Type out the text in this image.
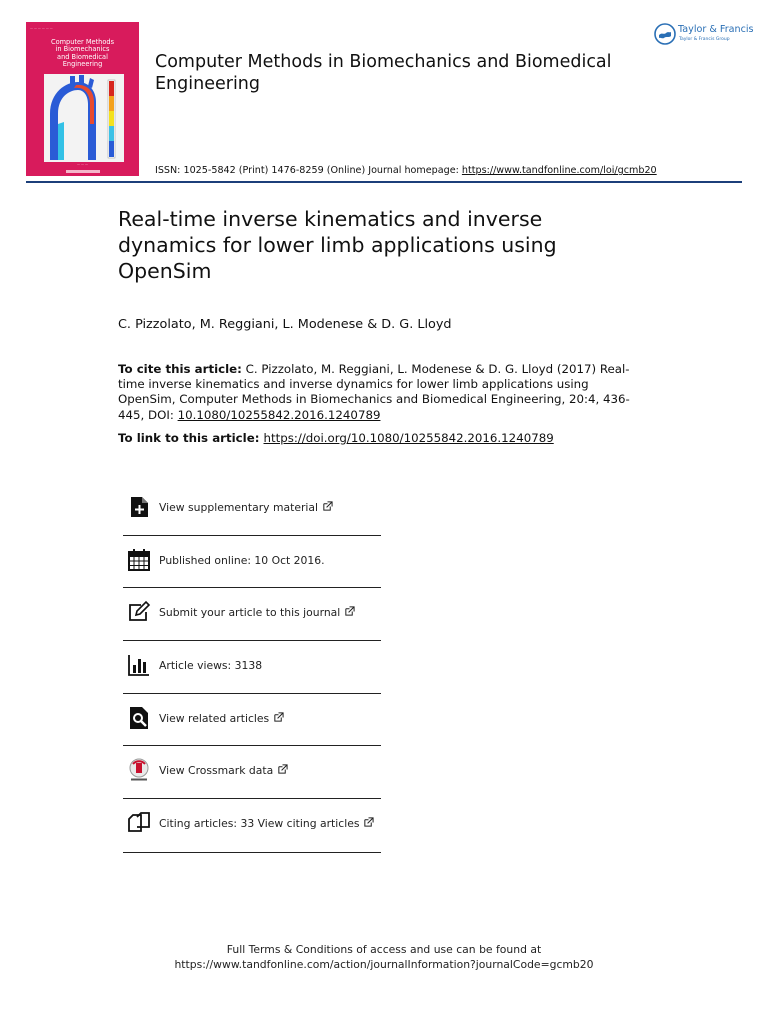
— — — — — —
Computer Methods
in Biomechanics
and Biomedical
Engineering
— — —
Computer Methods in Biomechanics and Biomedical
Engineering
ISSN: 1025-5842 (Print) 1476-8259 (Online) Journal homepage: https://www.tandfonline.com/loi/gcmb20
Taylor & Francis
Taylor & Francis Group
Real-time inverse kinematics and inverse
dynamics for lower limb applications using
OpenSim
C. Pizzolato, M. Reggiani, L. Modenese & D. G. Lloyd
To cite this article: C. Pizzolato, M. Reggiani, L. Modenese & D. G. Lloyd (2017) Real-time inverse kinematics and inverse dynamics for lower limb applications using OpenSim, Computer Methods in Biomechanics and Biomedical Engineering, 20:4, 436-445, DOI: 10.1080/10255842.2016.1240789
To link to this article: https://doi.org/10.1080/10255842.2016.1240789
View supplementary material
Published online: 10 Oct 2016.
Submit your article to this journal
Article views: 3138
View related articles
View Crossmark data
Citing articles: 33 View citing articles
Full Terms & Conditions of access and use can be found at
https://www.tandfonline.com/action/journalInformation?journalCode=gcmb20
